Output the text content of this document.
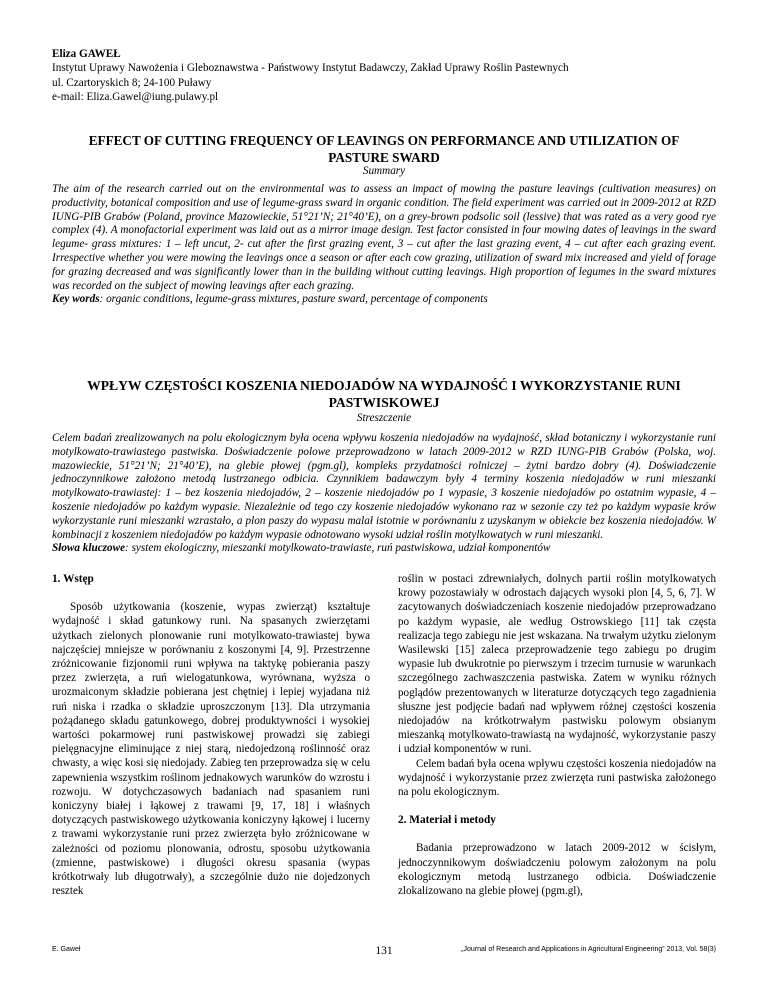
Eliza GAWEŁ
Instytut Uprawy Nawożenia i Gleboznawstwa - Państwowy Instytut Badawczy, Zakład Uprawy Roślin Pastewnych
ul. Czartoryskich 8; 24-100 Puławy
e-mail: Eliza.Gawel@iung.pulawy.pl
EFFECT OF CUTTING FREQUENCY OF LEAVINGS ON PERFORMANCE AND UTILIZATION OF PASTURE SWARD
Summary
The aim of the research carried out on the environmental was to assess an impact of mowing the pasture leavings (cultivation measures) on productivity, botanical composition and use of legume-grass sward in organic condition. The field experiment was carried out in 2009-2012 at RZD IUNG-PIB Grabów (Poland, province Mazowieckie, 51°21’N; 21°40’E), on a grey-brown podsolic soil (lessive) that was rated as a very good rye complex (4). A monofactorial experiment was laid out as a mirror image design. Test factor consisted in four mowing dates of leavings in the sward legume- grass mixtures: 1 – left uncut, 2- cut after the first grazing event, 3 – cut after the last grazing event, 4 – cut after each grazing event. Irrespective whether you were mowing the leavings once a season or after each cow grazing, utilization of sward mix increased and yield of forage for grazing decreased and was significantly lower than in the building without cutting leavings. High proportion of legumes in the sward mixtures was recorded on the subject of mowing leavings after each grazing.
Key words: organic conditions, legume-grass mixtures, pasture sward, percentage of components
WPŁYW CZĘSTOŚCI KOSZENIA NIEDOJADÓW NA WYDAJNOŚĆ I WYKORZYSTANIE RUNI PASTWISKOWEJ
Streszczenie
Celem badań zrealizowanych na polu ekologicznym była ocena wpływu koszenia niedojadów na wydajność, skład botaniczny i wykorzystanie runi motylkowato-trawiastego pastwiska. Doświadczenie polowe przeprowadzono w latach 2009-2012 w RZD IUNG-PIB Grabów (Polska, woj. mazowieckie, 51°21’N; 21°40’E), na glebie płowej (pgm.gl), kompleks przydatności rolniczej – żytni bardzo dobry (4). Doświadczenie jednoczynnikowe założono metodą lustrzanego odbicia. Czynnikiem badawczym były 4 terminy koszenia niedojadów w runi mieszanki motylkowato-trawiastej: 1 – bez koszenia niedojadów, 2 – koszenie niedojadów po 1 wypasie, 3 koszenie niedojadów po ostatnim wypasie, 4 – koszenie niedojadów po każdym wypasie. Niezależnie od tego czy koszenie niedojadów wykonano raz w sezonie czy też po każdym wypasie krów wykorzystanie runi mieszanki wzrastało, a plon paszy do wypasu malał istotnie w porównaniu z uzyskanym w obiekcie bez koszenia niedojadów. W kombinacji z koszeniem niedojadów po każdym wypasie odnotowano wysoki udział roślin motylkowatych w runi mieszanki.
Słowa kluczowe: system ekologiczny, mieszanki motylkowato-trawiaste, ruń pastwiskowa, udział komponentów
1. Wstęp

Sposób użytkowania (koszenie, wypas zwierząt) kształtuje wydajność i skład gatunkowy runi. Na spasanych zwierzętami użytkach zielonych plonowanie runi motylkowato-trawiastej bywa najczęściej mniejsze w porównaniu z koszonymi [4, 9]. Przestrzenne zróżnicowanie fizjonomii runi wpływa na taktykę pobierania paszy przez zwierzęta, a ruń wielogatunkowa, wyrównana, wyższa o urozmaiconym składzie pobierana jest chętniej i lepiej wyjadana niż ruń niska i rzadka o składzie uproszczonym [13]. Dla utrzymania pożądanego składu gatunkowego, dobrej produktywności i wysokiej wartości pokarmowej runi pastwiskowej prowadzi się zabiegi pielęgnacyjne eliminujące z niej starą, niedojedzoną roślinność oraz chwasty, a więc kosi się niedojady. Zabieg ten przeprowadza się w celu zapewnienia wszystkim roślinom jednakowych warunków do wzrostu i rozwoju. W dotychczasowych badaniach nad spasaniem runi koniczyny białej i łąkowej z trawami [9, 17, 18] i właśnych dotyczących pastwiskowego użytkowania koniczyny łąkowej i lucerny z trawami wykorzystanie runi przez zwierzęta było zróżnicowane w zależności od poziomu plonowania, odrostu, sposobu użytkowania (zmienne, pastwiskowe) i długości okresu spasania (wypas krótkotrwały lub długotrwały), a szczególnie dużo nie dojedzonych resztek

roślin w postaci zdrewniałych, dolnych partii roślin motylkowatych krowy pozostawiały w odrostach dających wysoki plon [4, 5, 6, 7]. W zacytowanych doświadczeniach koszenie niedojadów przeprowadzano po każdym wypasie, ale według Ostrowskiego [11] tak częsta realizacja tego zabiegu nie jest wskazana. Na trwałym użytku zielonym Wasilewski [15] zaleca przeprowadzenie tego zabiegu po drugim wypasie lub dwukrotnie po pierwszym i trzecim turnusie w warunkach szczególnego zachwaszczenia pastwiska. Zatem w wyniku różnych poglądów prezentowanych w literaturze dotyczących tego zagadnienia słuszne jest podjęcie badań nad wpływem różnej częstości koszenia niedojadów na krótkotrwałym pastwisku polowym obsianym mieszanką motylkowato-trawiastą na wydajność, wykorzystanie paszy i udział komponentów w runi.

Celem badań była ocena wpływu częstości koszenia niedojadów na wydajność i wykorzystanie przez zwierzęta runi pastwiska założonego na polu ekologicznym.

2. Materiał i metody

Badania przeprowadzono w latach 2009-2012 w ścisłym, jednoczynnikowym doświadczeniu polowym założonym na polu ekologicznym metodą lustrzanego odbicia. Doświadczenie zlokalizowano na glebie płowej (pgm.gl),

E. Gaweł	131	„Journal of Research and Applications in Agricultural Engineering” 2013, Vol. 58(3)
